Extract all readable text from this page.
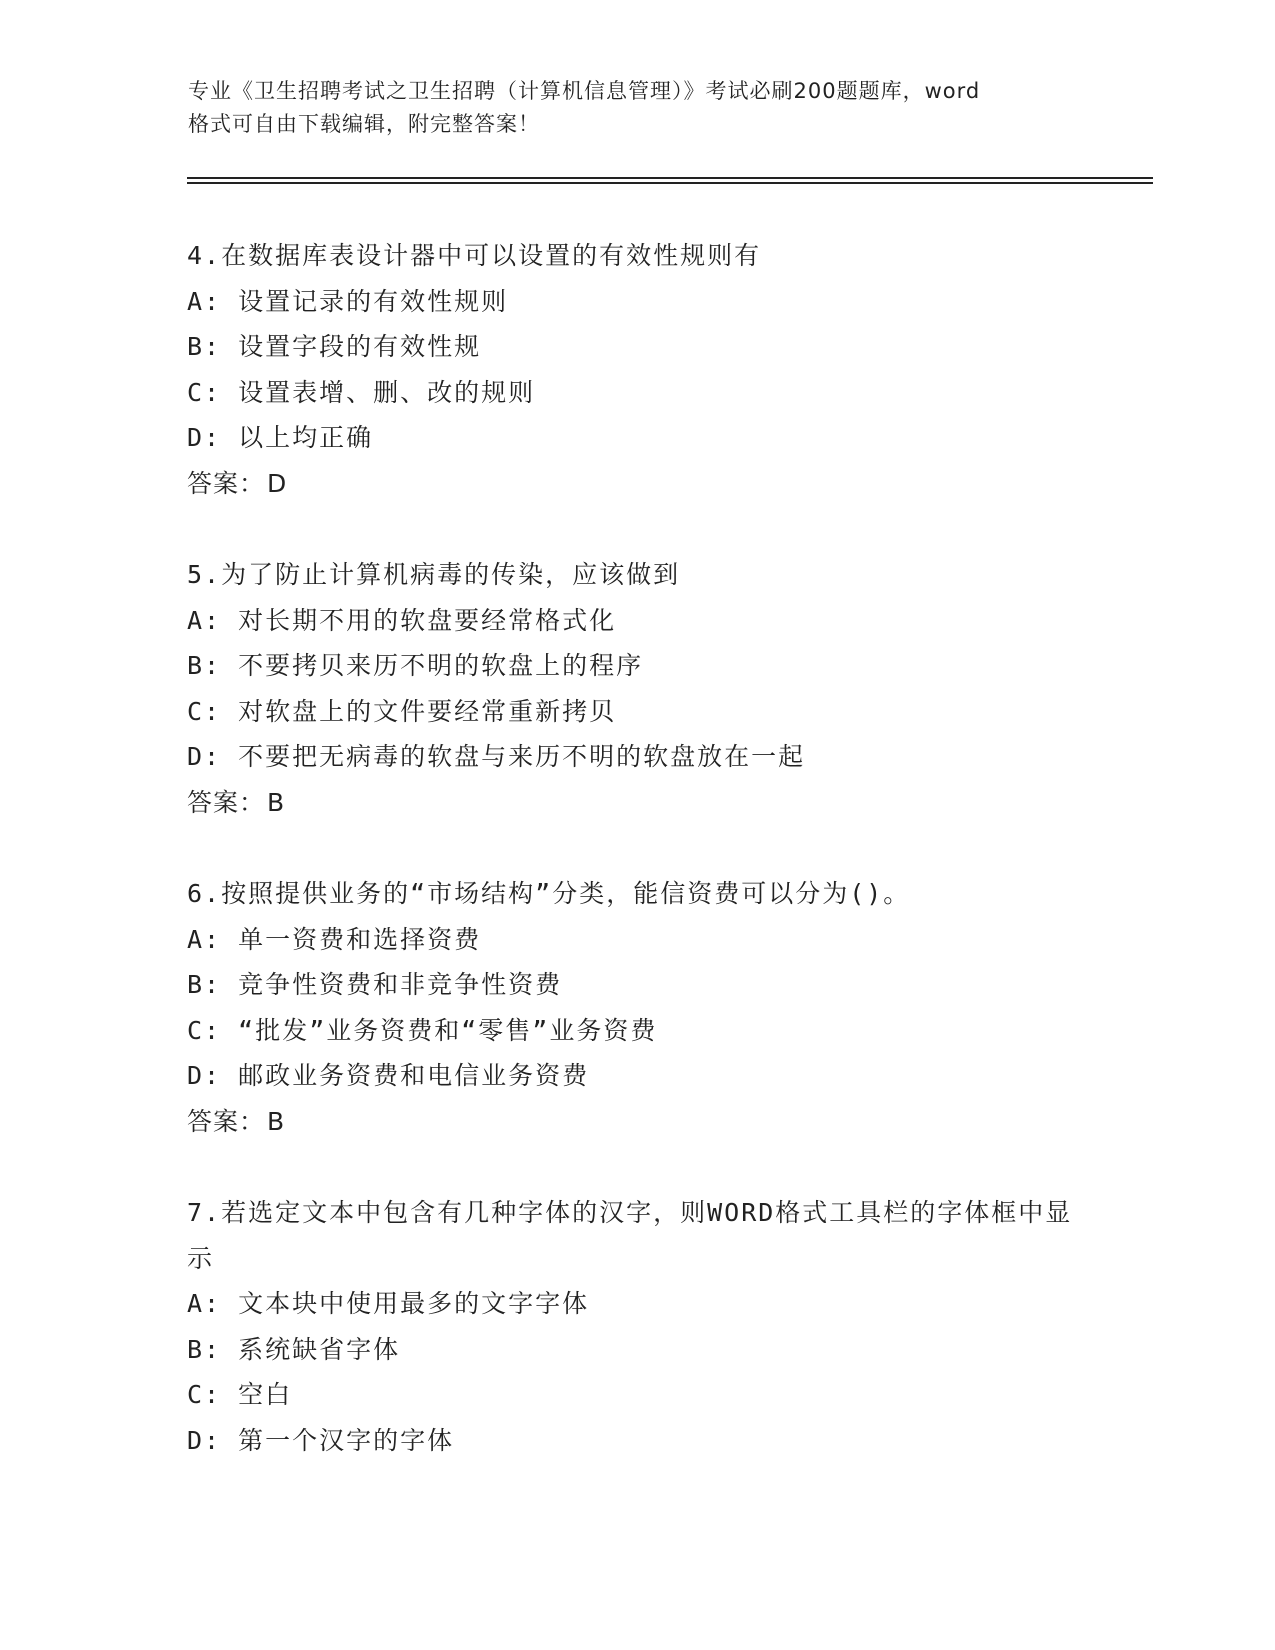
专业《卫生招聘考试之卫生招聘（计算机信息管理）》考试必刷200题题库，word
格式可自由下载编辑，附完整答案！
4.在数据库表设计器中可以设置的有效性规则有
A: 设置记录的有效性规则
B: 设置字段的有效性规
C: 设置表增、删、改的规则
D: 以上均正确
答案：D
5.为了防止计算机病毒的传染，应该做到
A: 对长期不用的软盘要经常格式化
B: 不要拷贝来历不明的软盘上的程序
C: 对软盘上的文件要经常重新拷贝
D: 不要把无病毒的软盘与来历不明的软盘放在一起
答案：B
6.按照提供业务的“市场结构”分类，能信资费可以分为()。
A: 单一资费和选择资费
B: 竞争性资费和非竞争性资费
C: “批发”业务资费和“零售”业务资费
D: 邮政业务资费和电信业务资费
答案：B
7.若选定文本中包含有几种字体的汉字，则WORD格式工具栏的字体框中显示
A: 文本块中使用最多的文字字体
B: 系统缺省字体
C: 空白
D: 第一个汉字的字体
